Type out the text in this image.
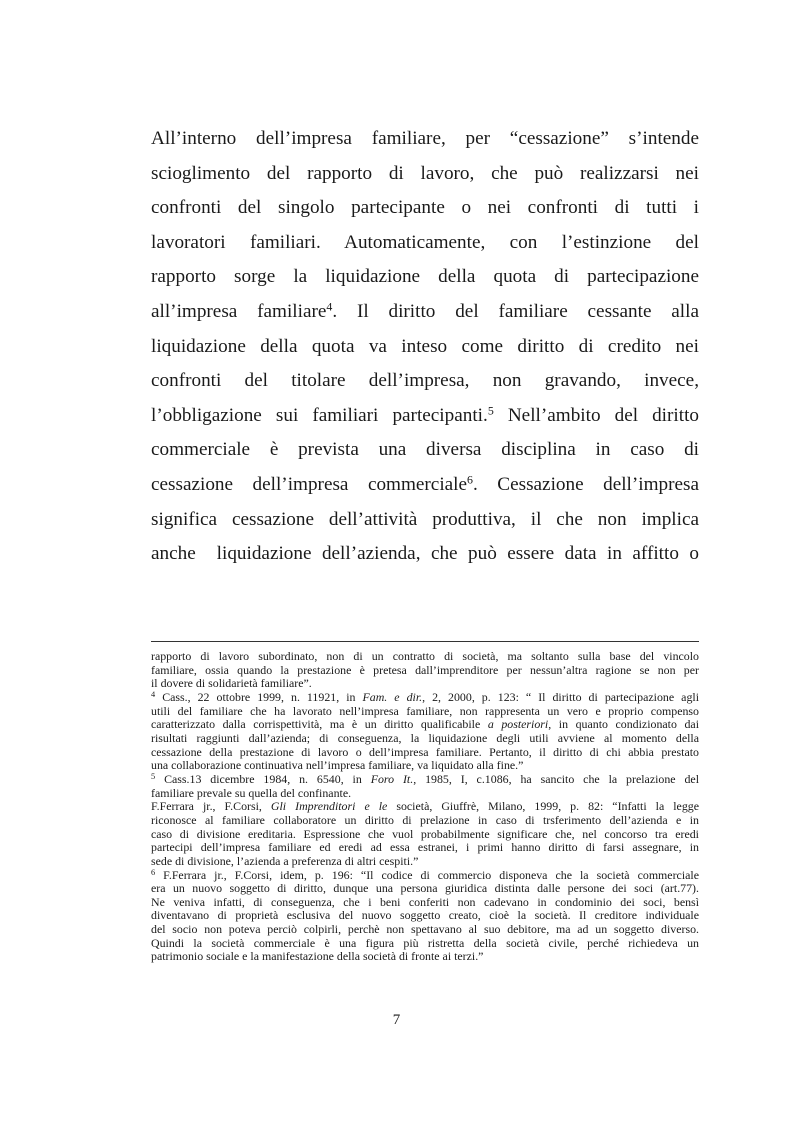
All’interno dell’impresa familiare, per “cessazione” s’intende
scioglimento del rapporto di lavoro, che può realizzarsi nei
confronti del singolo partecipante o nei confronti di tutti i
lavoratori familiari. Automaticamente, con l’estinzione del
rapporto sorge la liquidazione della quota di partecipazione
all’impresa familiare$^4$. Il diritto del familiare cessante alla
liquidazione della quota va inteso come diritto di credito nei
confronti del titolare dell’impresa, non gravando, invece,
l’obbligazione sui familiari partecipanti.$^5$ Nell’ambito del diritto
commerciale è prevista una diversa disciplina in caso di
cessazione dell’impresa commerciale$^6$. Cessazione dell’impresa
significa cessazione dell’attività produttiva, il che non implica
anche  liquidazione dell’azienda, che può essere data in affitto o
rapporto di lavoro subordinato, non di un contratto di società, ma soltanto sulla base del vincolo
familiare, ossia quando la prestazione è pretesa dall’imprenditore per nessun’altra ragione se non per
il dovere di solidarietà familiare”.
$^4$ Cass., 22 ottobre 1999, n. 11921, in Fam. e dir., 2, 2000, p. 123: “ Il diritto di partecipazione agli
utili del familiare che ha lavorato nell’impresa familiare, non rappresenta un vero e proprio compenso
caratterizzato dalla corrispettività, ma è un diritto qualificabile a posteriori, in quanto condizionato dai
risultati raggiunti dall’azienda; di conseguenza, la liquidazione degli utili avviene al momento della
cessazione della prestazione di lavoro o dell’impresa familiare. Pertanto, il diritto di chi abbia prestato
una collaborazione continuativa nell’impresa familiare, va liquidato alla fine.”
$^5$ Cass.13 dicembre 1984, n. 6540, in Foro It., 1985, I, c.1086, ha sancito che la prelazione del
familiare prevale su quella del confinante.
F.Ferrara jr., F.Corsi, Gli Imprenditori e le società, Giuffrè, Milano, 1999, p. 82: “Infatti la legge
riconosce al familiare collaboratore un diritto di prelazione in caso di trsferimento dell’azienda e in
caso di divisione ereditaria. Espressione che vuol probabilmente significare che, nel concorso tra eredi
partecipi dell’impresa familiare ed eredi ad essa estranei, i primi hanno diritto di farsi assegnare, in
sede di divisione, l’azienda a preferenza di altri cespiti.”
$^6$ F.Ferrara jr., F.Corsi, idem, p. 196: “Il codice di commercio disponeva che la società commerciale
era un nuovo soggetto di diritto, dunque una persona giuridica distinta dalle persone dei soci (art.77).
Ne veniva infatti, di conseguenza, che i beni conferiti non cadevano in condominio dei soci, bensì
diventavano di proprietà esclusiva del nuovo soggetto creato, cioè la società. Il creditore individuale
del socio non poteva perciò colpirli, perchè non spettavano al suo debitore, ma ad un soggetto diverso.
Quindi la società commerciale è una figura più ristretta della società civile, perché richiedeva un
patrimonio sociale e la manifestazione della società di fronte ai terzi.”
7
